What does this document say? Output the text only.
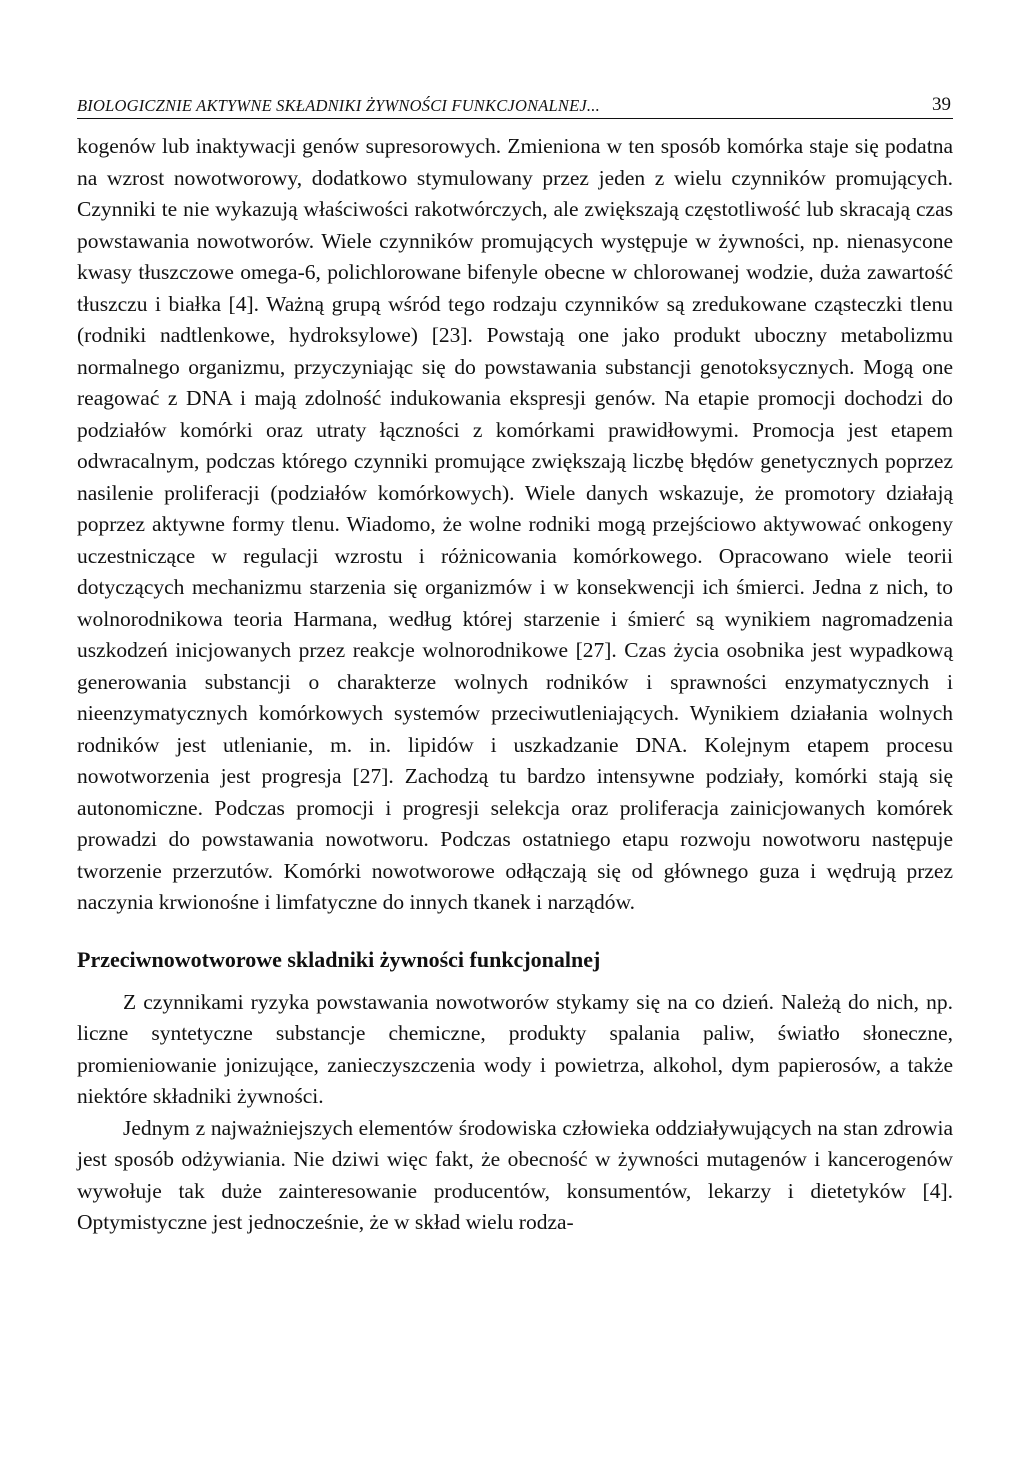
BIOLOGICZNIE AKTYWNE SKŁADNIKI ŻYWNOŚCI FUNKCJONALNEJ...	39

kogenów lub inaktywacji genów supresorowych. Zmieniona w ten sposób komórka staje się podatna na wzrost nowotworowy, dodatkowo stymulowany przez jeden z wielu czynników promujących. Czynniki te nie wykazują właściwości rakotwórczych, ale zwiększają częstotliwość lub skracają czas powstawania nowotworów. Wiele czynników promujących występuje w żywności, np. nienasycone kwasy tłuszczowe omega-6, polichlorowane bifenyle obecne w chlorowanej wodzie, duża zawartość tłuszczu i białka [4]. Ważną grupą wśród tego rodzaju czynników są zredukowane cząsteczki tlenu (rodniki nadtlenkowe, hydroksylowe) [23]. Powstają one jako produkt uboczny metabolizmu normalnego organizmu, przyczyniając się do powstawania substancji genotoksycznych. Mogą one reagować z DNA i mają zdolność indukowania ekspresji genów. Na etapie promocji dochodzi do podziałów komórki oraz utraty łączności z komórkami prawidłowymi. Promocja jest etapem odwracalnym, podczas którego czynniki promujące zwiększają liczbę błędów genetycznych poprzez nasilenie proliferacji (podziałów komórkowych). Wiele danych wskazuje, że promotory działają poprzez aktywne formy tlenu. Wiadomo, że wolne rodniki mogą przejściowo aktywować onkogeny uczestniczące w regulacji wzrostu i różnicowania komórkowego. Opracowano wiele teorii dotyczących mechanizmu starzenia się organizmów i w konsekwencji ich śmierci. Jedna z nich, to wolnorodnikowa teoria Harmana, według której starzenie i śmierć są wynikiem nagromadzenia uszkodzeń inicjowanych przez reakcje wolnorodnikowe [27]. Czas życia osobnika jest wypadkową generowania substancji o charakterze wolnych rodników i sprawności enzymatycznych i nieenzymatycznych komórkowych systemów przeciwutleniających. Wynikiem działania wolnych rodników jest utlenianie, m. in. lipidów i uszkadzanie DNA. Kolejnym etapem procesu nowotworzenia jest progresja [27]. Zachodzą tu bardzo intensywne podziały, komórki stają się autonomiczne. Podczas promocji i progresji selekcja oraz proliferacja zainicjowanych komórek prowadzi do powstawania nowotworu. Podczas ostatniego etapu rozwoju nowotworu następuje tworzenie przerzutów. Komórki nowotworowe odłączają się od głównego guza i wędrują przez naczynia krwionośne i limfatyczne do innych tkanek i narządów.

Przeciwnowotworowe skladniki żywności funkcjonalnej

Z czynnikami ryzyka powstawania nowotworów stykamy się na co dzień. Należą do nich, np. liczne syntetyczne substancje chemiczne, produkty spalania paliw, światło słoneczne, promieniowanie jonizujące, zanieczyszczenia wody i powietrza, alkohol, dym papierosów, a także niektóre składniki żywności.

Jednym z najważniejszych elementów środowiska człowieka oddziaływujących na stan zdrowia jest sposób odżywiania. Nie dziwi więc fakt, że obecność w żywności mutagenów i kancerogenów wywołuje tak duże zainteresowanie producentów, konsumentów, lekarzy i dietetyków [4]. Optymistyczne jest jednocześnie, że w skład wielu rodza-
